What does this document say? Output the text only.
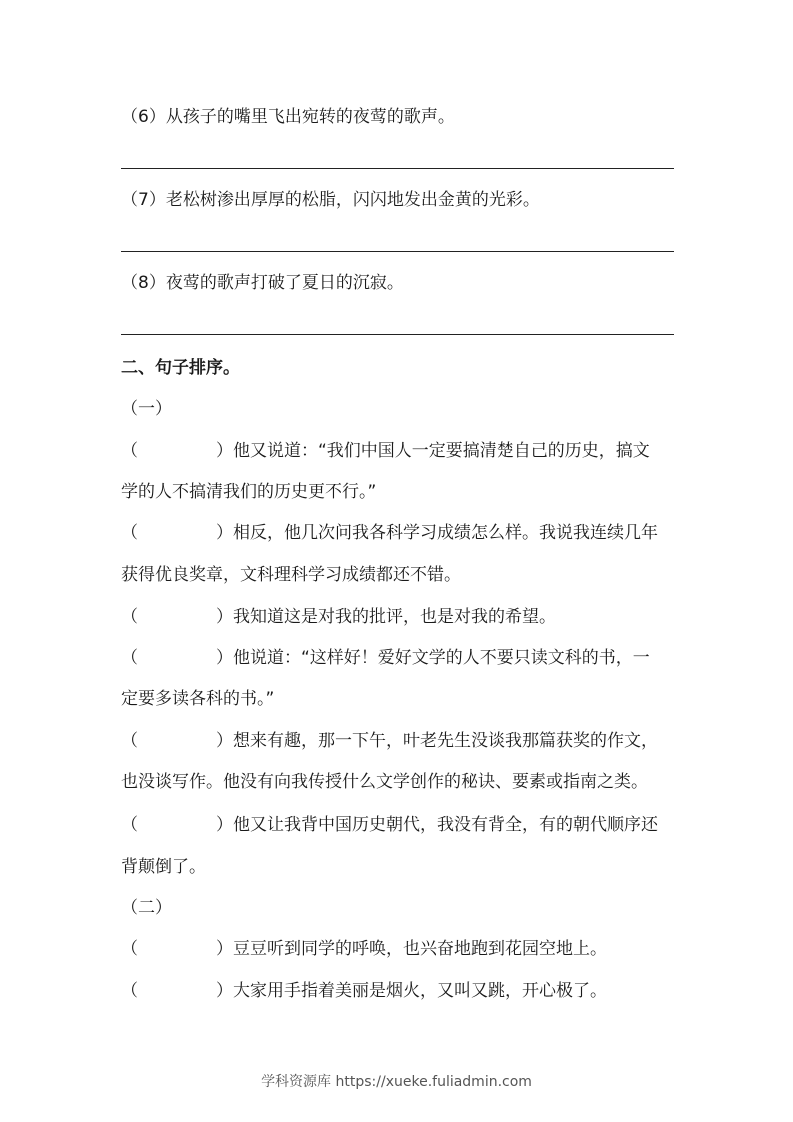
（6）从孩子的嘴里飞出宛转的夜莺的歌声。
（7）老松树渗出厚厚的松脂，闪闪地发出金黄的光彩。
（8）夜莺的歌声打破了夏日的沉寂。
二、句子排序。
（一）
（	）他又说道：“我们中国人一定要搞清楚自己的历史，搞文
学的人不搞清我们的历史更不行。”
（	）相反，他几次问我各科学习成绩怎么样。我说我连续几年
获得优良奖章，文科理科学习成绩都还不错。
（	）我知道这是对我的批评，也是对我的希望。
（	）他说道：“这样好！爱好文学的人不要只读文科的书，一
定要多读各科的书。”
（	）想来有趣，那一下午，叶老先生没谈我那篇获奖的作文，
也没谈写作。他没有向我传授什么文学创作的秘诀、要素或指南之类。
（	）他又让我背中国历史朝代，我没有背全，有的朝代顺序还
背颠倒了。
（二）
（	）豆豆听到同学的呼唤，也兴奋地跑到花园空地上。
（	）大家用手指着美丽是烟火，又叫又跳，开心极了。
学科资源库 https://xueke.fuliadmin.com
